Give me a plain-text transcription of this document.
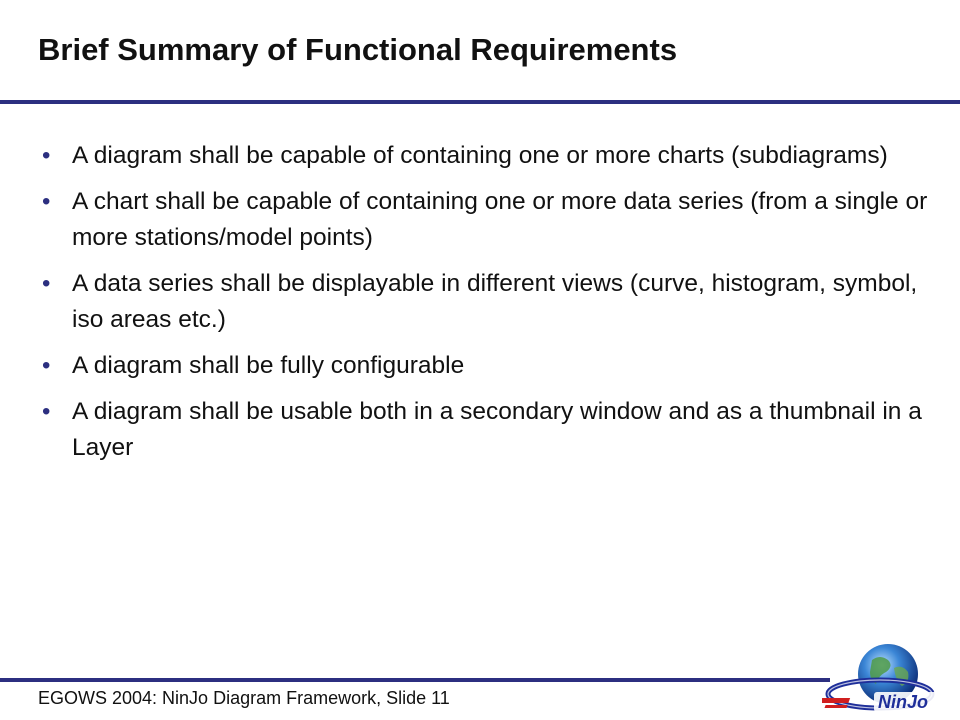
Brief Summary of Functional Requirements
• A diagram shall be capable of containing one or more charts (subdiagrams)
• A chart shall be capable of containing one or more data series (from a single or more stations/model points)
• A data series shall be displayable in different views (curve, histogram, symbol, iso areas etc.)
• A diagram shall be fully configurable
• A diagram shall be usable both in a secondary window and as a thumbnail in a Layer
EGOWS 2004: NinJo Diagram Framework, Slide 11	NinJo
